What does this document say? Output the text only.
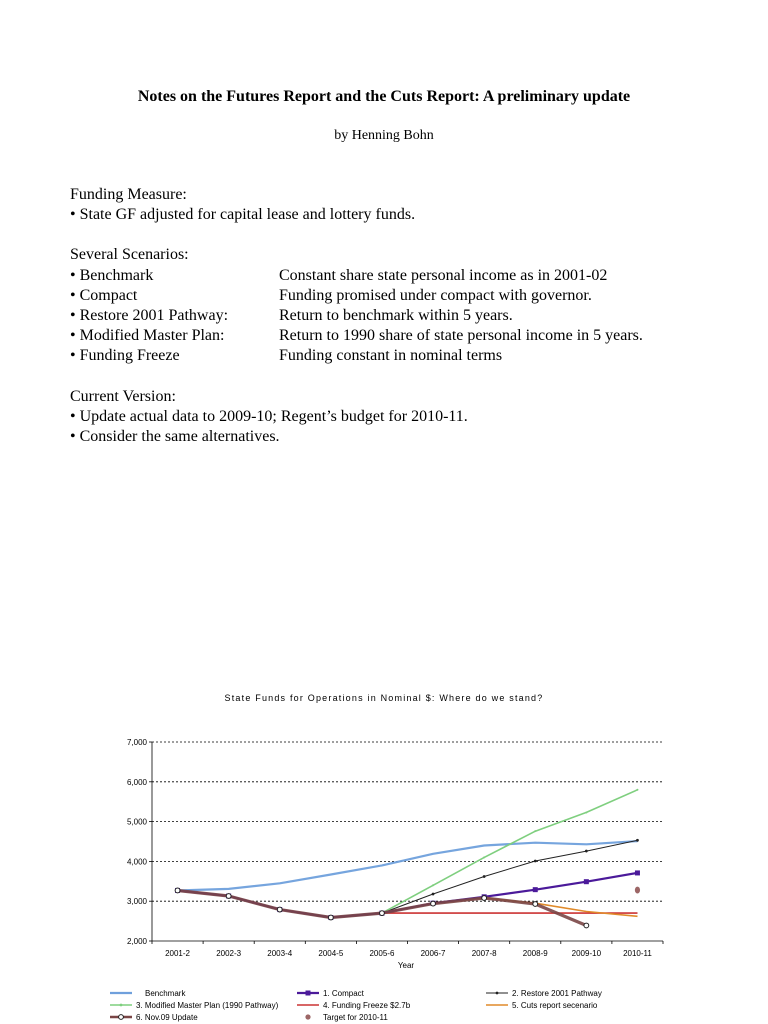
Notes on the Futures Report and the Cuts Report: A preliminary update
by Henning Bohn
Funding Measure:
• State GF adjusted for capital lease and lottery funds.
Several Scenarios:
• Benchmark	Constant share state personal income as in 2001-02
• Compact	Funding promised under compact with governor.
• Restore 2001 Pathway:	Return to benchmark within 5 years.
• Modified Master Plan:	Return to 1990 share of state personal income in 5 years.
• Funding Freeze	Funding constant in nominal terms
Current Version:
• Update actual data to 2009-10; Regent’s budget for 2010-11.
• Consider the same alternatives.
State Funds for Operations in Nominal $: Where do we stand?
2,000
3,000
4,000
5,000
6,000
7,000
2001-2	2002-3	2003-4	2004-5	2005-6	2006-7	2007-8	2008-9	2009-10	2010-11
Benchmark	1. Compact	2. Restore 2001 Pathway
3. Modified Master Plan (1990 Pathway)	4. Funding Freeze $2.7b	5. Cuts report secenario
6. Nov.09 Update	Target for 2010-11
Year
